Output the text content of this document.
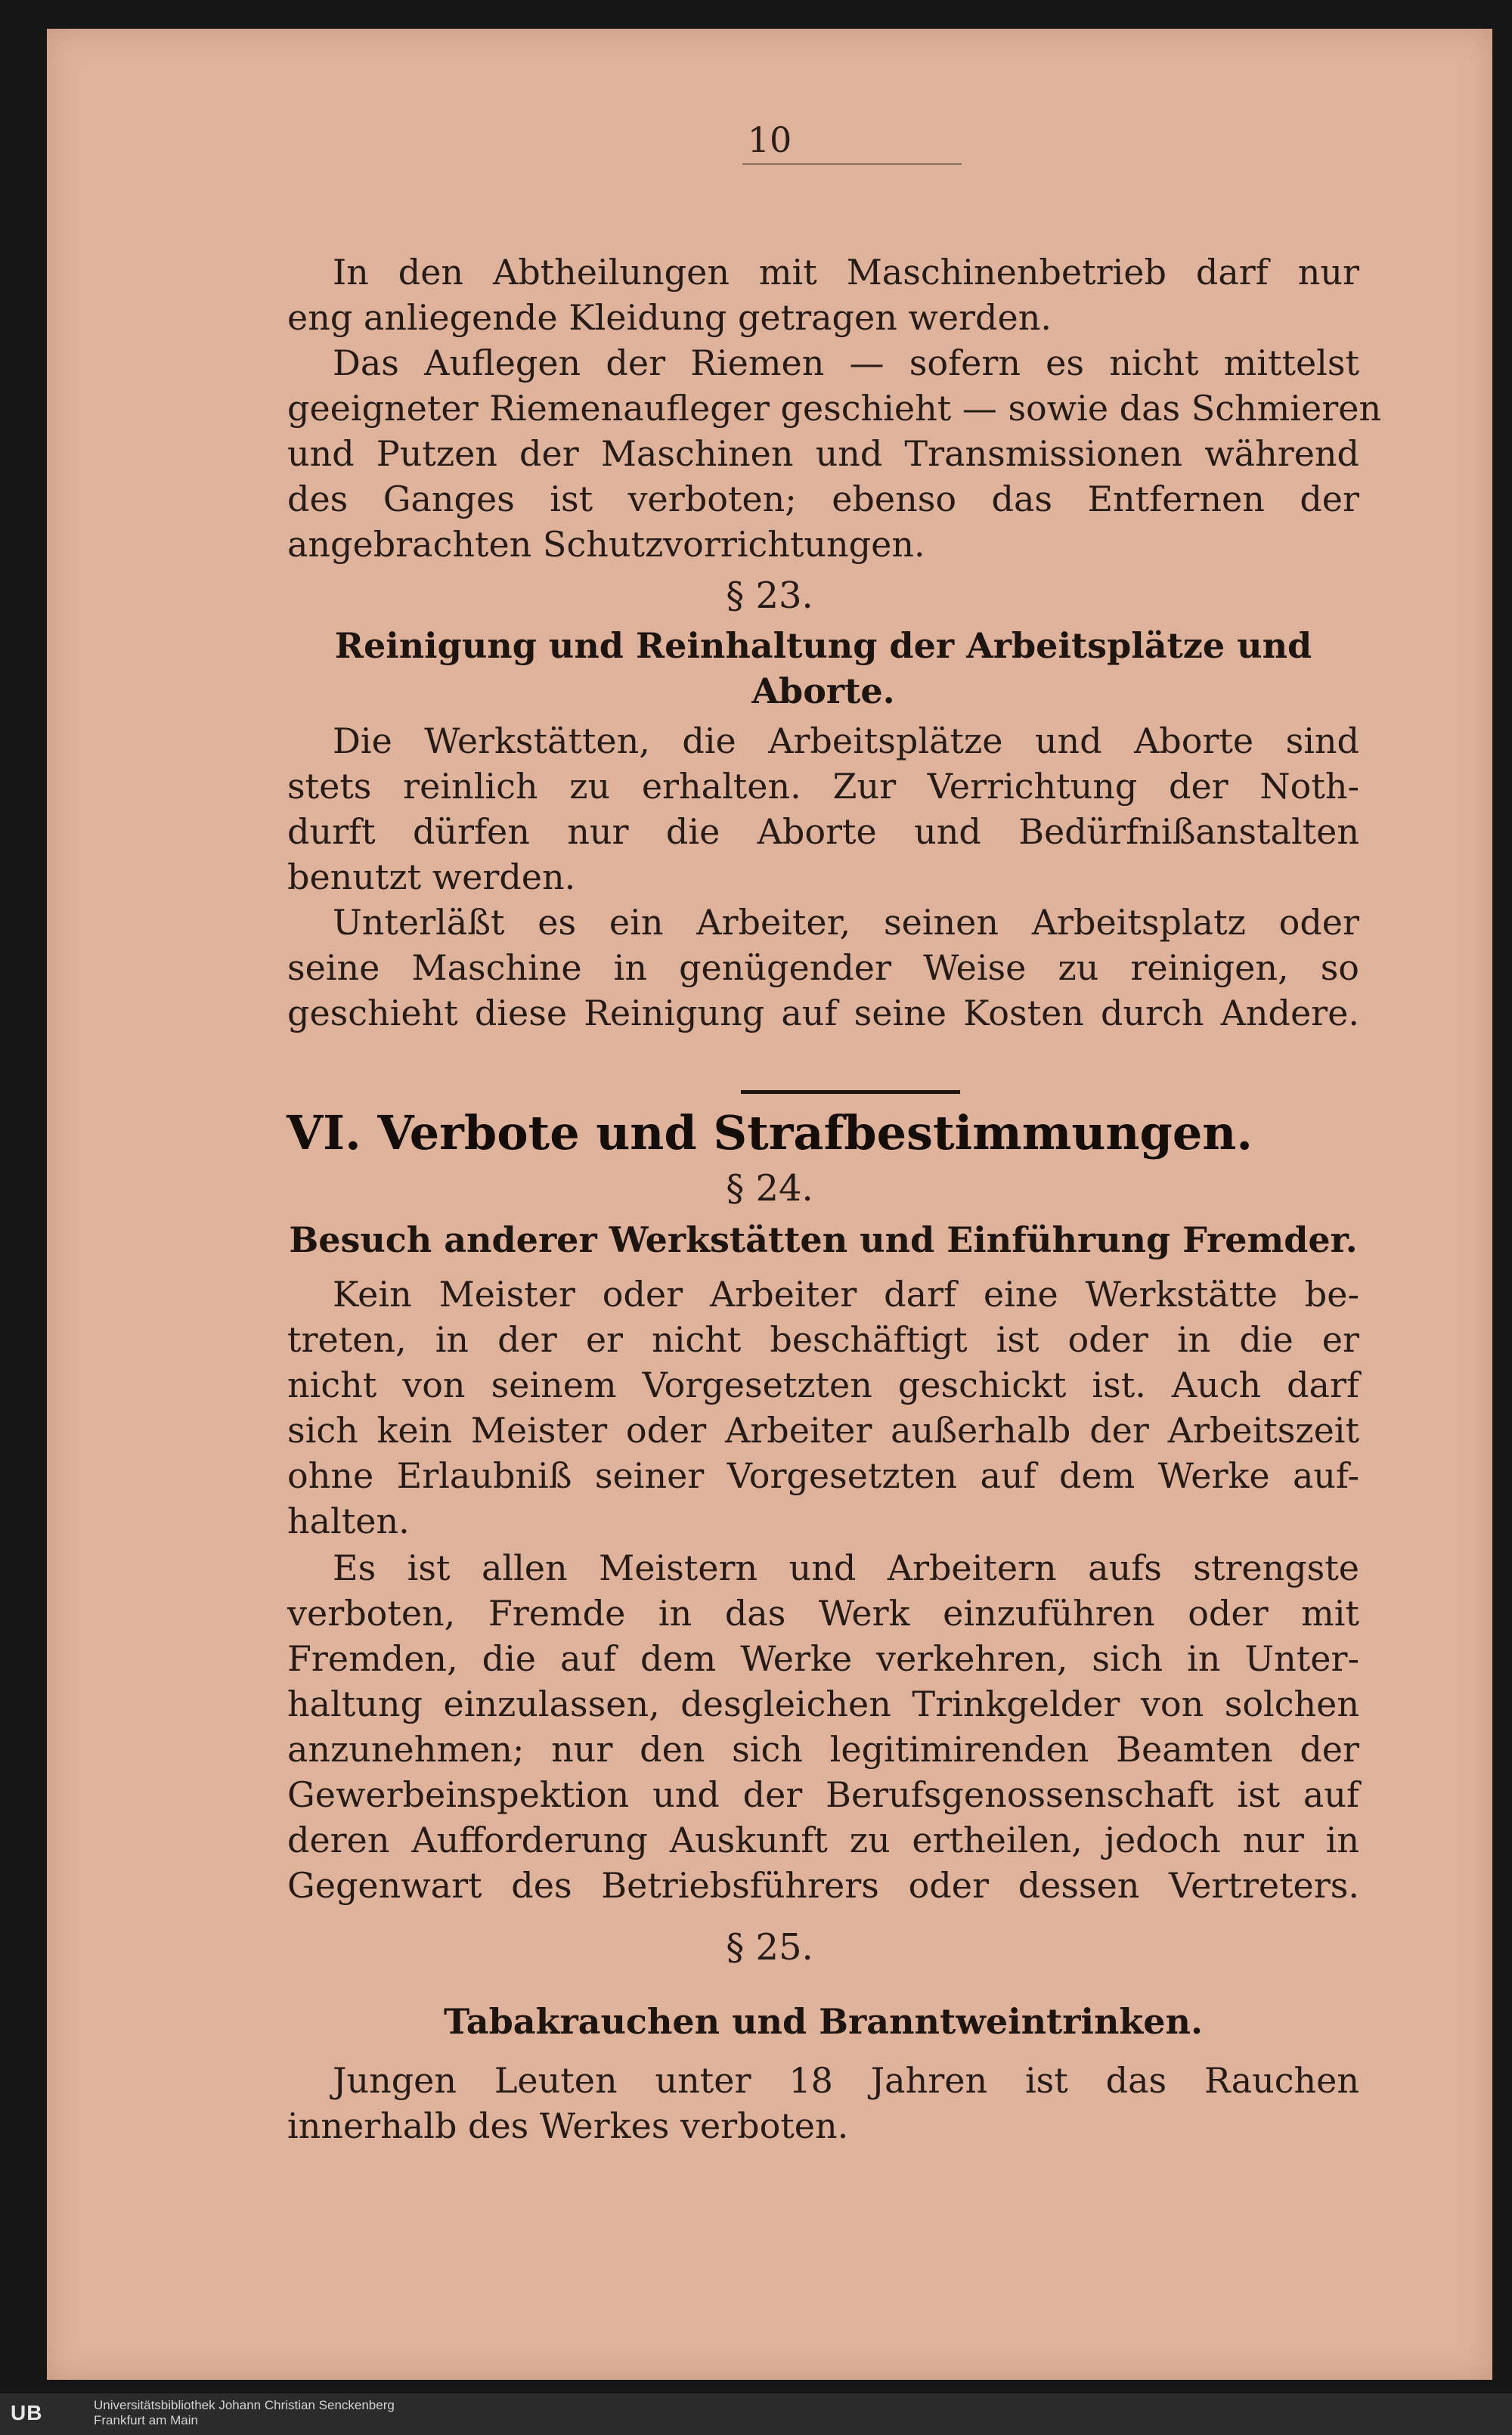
10
In den Abtheilungen mit Maschinenbetrieb darf nur
eng anliegende Kleidung getragen werden.
Das Auflegen der Riemen — sofern es nicht mittelst
geeigneter Riemenaufleger geschieht — sowie das Schmieren
und Putzen der Maschinen und Transmissionen während
des Ganges ist verboten; ebenso das Entfernen der
angebrachten Schutzvorrichtungen.
§ 23.
Reinigung und Reinhaltung der Arbeitsplätze und
Aborte.
Die Werkstätten, die Arbeitsplätze und Aborte sind
stets reinlich zu erhalten. Zur Verrichtung der Noth-
durft dürfen nur die Aborte und Bedürfnißanstalten
benutzt werden.
Unterläßt es ein Arbeiter, seinen Arbeitsplatz oder
seine Maschine in genügender Weise zu reinigen, so
geschieht diese Reinigung auf seine Kosten durch Andere.
VI. Verbote und Strafbestimmungen.
§ 24.
Besuch anderer Werkstätten und Einführung Fremder.
Kein Meister oder Arbeiter darf eine Werkstätte be-
treten, in der er nicht beschäftigt ist oder in die er
nicht von seinem Vorgesetzten geschickt ist. Auch darf
sich kein Meister oder Arbeiter außerhalb der Arbeitszeit
ohne Erlaubniß seiner Vorgesetzten auf dem Werke auf-
halten.
Es ist allen Meistern und Arbeitern aufs strengste
verboten, Fremde in das Werk einzuführen oder mit
Fremden, die auf dem Werke verkehren, sich in Unter-
haltung einzulassen, desgleichen Trinkgelder von solchen
anzunehmen; nur den sich legitimirenden Beamten der
Gewerbeinspektion und der Berufsgenossenschaft ist auf
deren Aufforderung Auskunft zu ertheilen, jedoch nur in
Gegenwart des Betriebsführers oder dessen Vertreters.
§ 25.
Tabakrauchen und Branntweintrinken.
Jungen Leuten unter 18 Jahren ist das Rauchen
innerhalb des Werkes verboten.
UB	Universitätsbibliothek Johann Christian Senckenberg
Frankfurt am Main
